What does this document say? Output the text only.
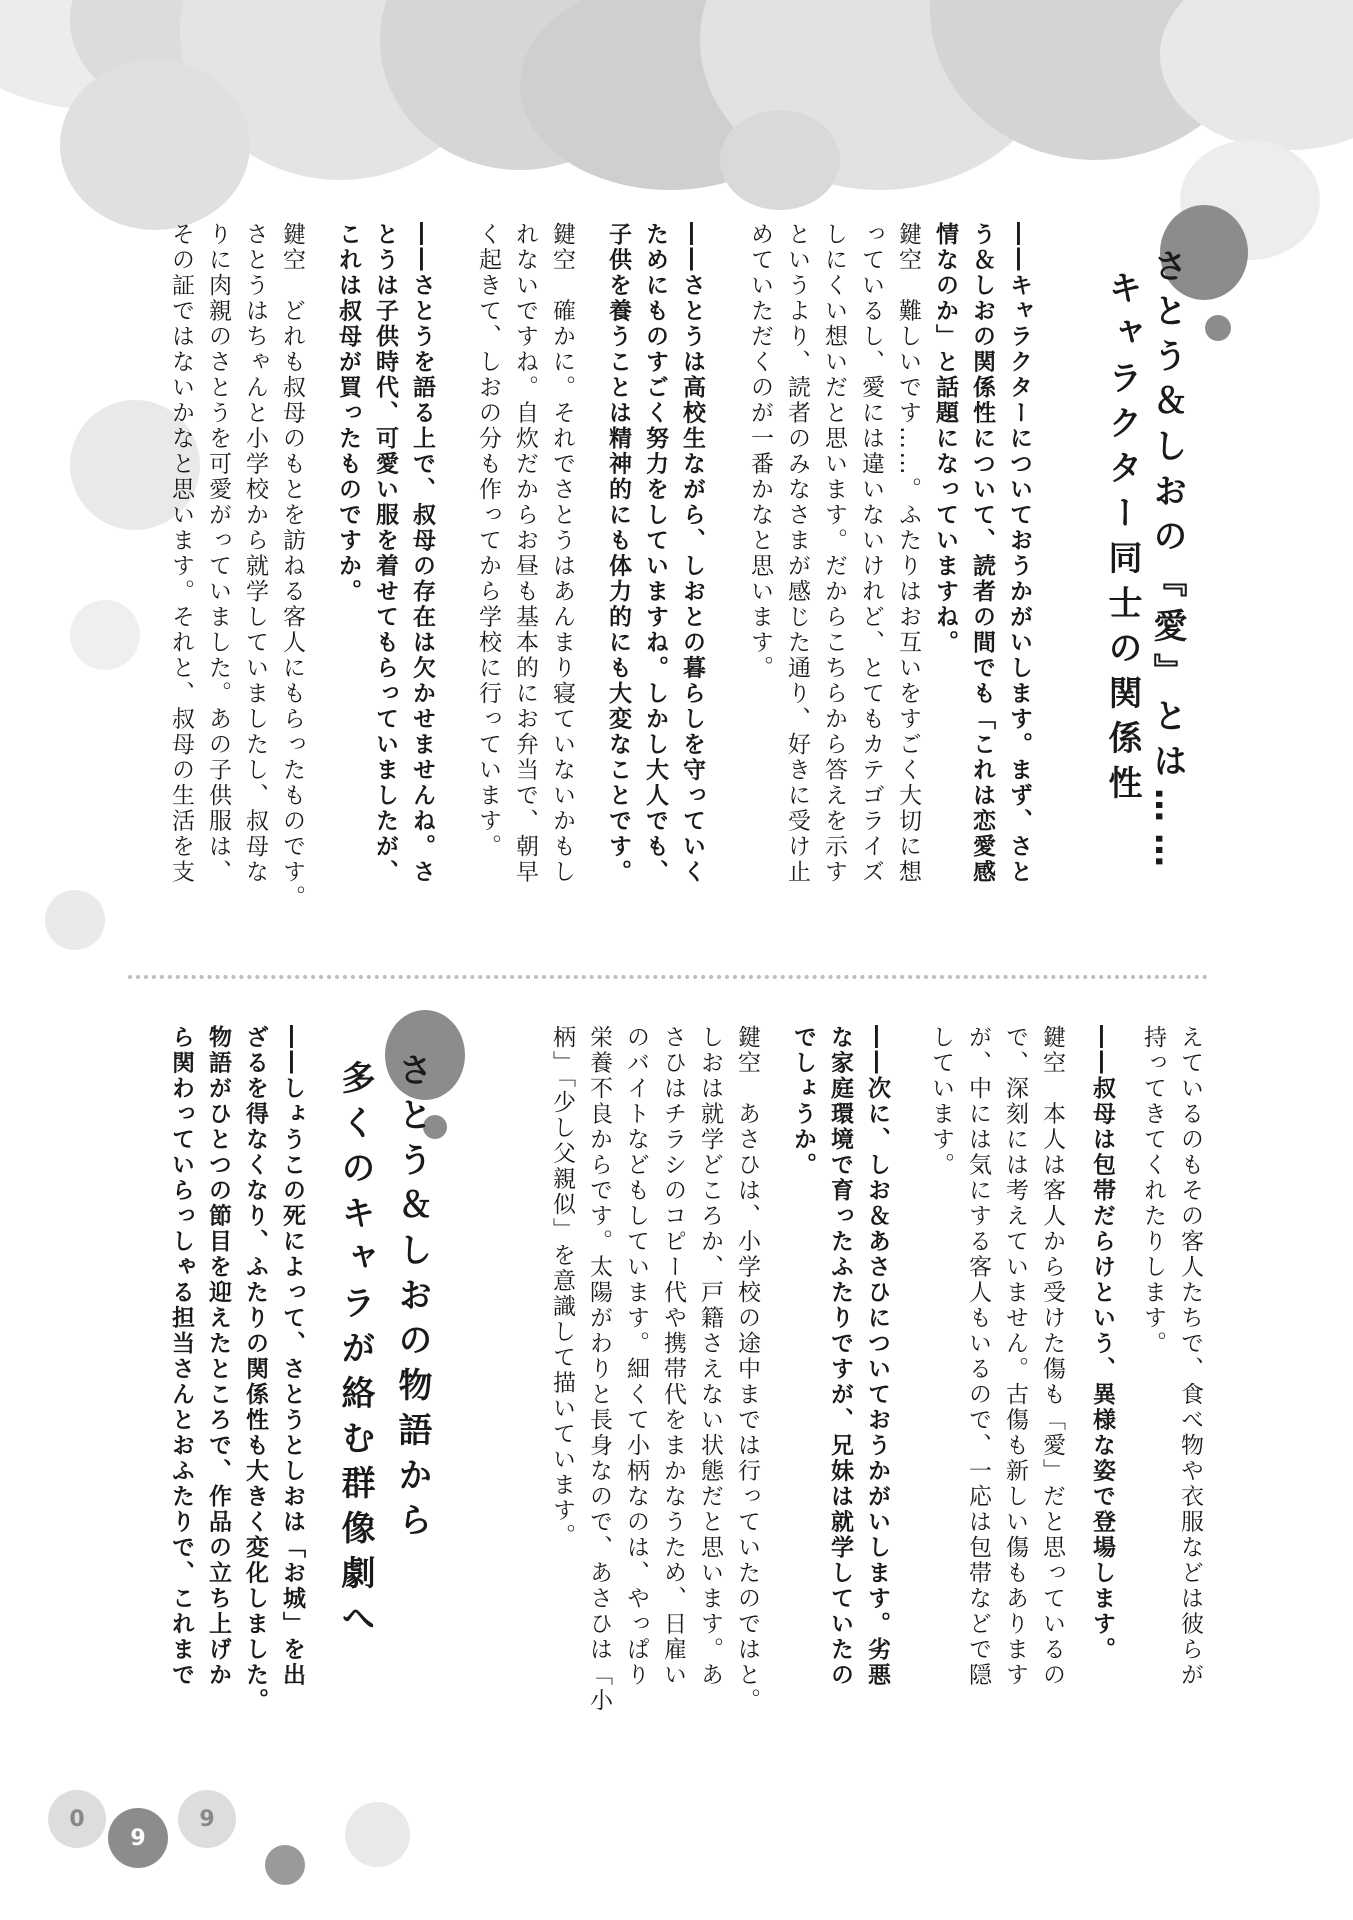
さとう＆しおの『愛』とは……
キャラクター同士の関係性
――キャラクターについておうかがいします。まず、さと
う＆しおの関係性について、読者の間でも「これは恋愛感
情なのか」と話題になっていますね。
鍵空　難しいです……。ふたりはお互いをすごく大切に想
っているし、愛には違いないけれど、とてもカテゴライズ
しにくい想いだと思います。だからこちらから答えを示す
というより、読者のみなさまが感じた通り、好きに受け止
めていただくのが一番かなと思います。
――さとうは高校生ながら、しおとの暮らしを守っていく
ためにものすごく努力をしていますね。しかし大人でも、
子供を養うことは精神的にも体力的にも大変なことです。
鍵空　確かに。それでさとうはあんまり寝ていないかもし
れないですね。自炊だからお昼も基本的にお弁当で、朝早
く起きて、しおの分も作ってから学校に行っています。
――さとうを語る上で、叔母の存在は欠かせませんね。さ
とうは子供時代、可愛い服を着せてもらっていましたが、
これは叔母が買ったものですか。
鍵空　どれも叔母のもとを訪ねる客人にもらったものです。
さとうはちゃんと小学校から就学していましたし、叔母な
りに肉親のさとうを可愛がっていました。あの子供服は、
その証ではないかなと思います。それと、叔母の生活を支
えているのもその客人たちで、食べ物や衣服などは彼らが
持ってきてくれたりします。
――叔母は包帯だらけという、異様な姿で登場します。
鍵空　本人は客人から受けた傷も「愛」だと思っているの
で、深刻には考えていません。古傷も新しい傷もあります
が、中には気にする客人もいるので、一応は包帯などで隠
しています。
――次に、しお＆あさひについておうかがいします。劣悪
な家庭環境で育ったふたりですが、兄妹は就学していたの
でしょうか。
鍵空　あさひは、小学校の途中までは行っていたのではと。
しおは就学どころか、戸籍さえない状態だと思います。あ
さひはチラシのコピー代や携帯代をまかなうため、日雇い
のバイトなどもしています。細くて小柄なのは、やっぱり
栄養不良からです。太陽がわりと長身なので、あさひは「小
柄」「少し父親似」を意識して描いています。
――しょうこの死によって、さとうとしおは「お城」を出
ざるを得なくなり、ふたりの関係性も大きく変化しました。
物語がひとつの節目を迎えたところで、作品の立ち上げか
ら関わっていらっしゃる担当さんとおふたりで、これまで	さとう＆しおの物語から
多くのキャラが絡む群像劇へ
0
9
9
